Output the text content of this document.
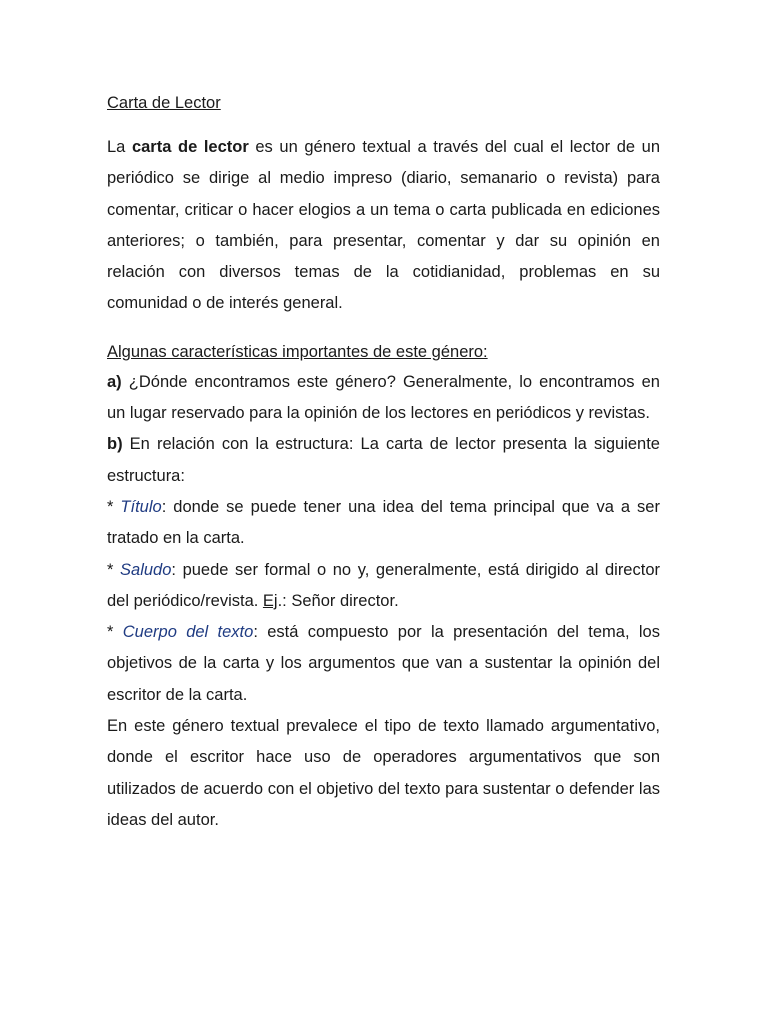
Carta de Lector

La carta de lector es un género textual a través del cual el lector de un periódico se dirige al medio impreso (diario, semanario o revista) para comentar, criticar o hacer elogios a un tema o carta publicada en ediciones anteriores; o también, para presentar, comentar y dar su opinión en relación con diversos temas de la cotidianidad, problemas en su comunidad o de interés general.

Algunas características importantes de este género:

a) ¿Dónde encontramos este género? Generalmente, lo encontramos en un lugar reservado para la opinión de los lectores en periódicos y revistas.

b) En relación con la estructura: La carta de lector presenta la siguiente estructura:

* Título: donde se puede tener una idea del tema principal que va a ser tratado en la carta.

* Saludo: puede ser formal o no y, generalmente, está dirigido al director del periódico/revista. Ej.: Señor director.

* Cuerpo del texto: está compuesto por la presentación del tema, los objetivos de la carta y los argumentos que van a sustentar la opinión del escritor de la carta.

En este género textual prevalece el tipo de texto llamado argumentativo, donde el escritor hace uso de operadores argumentativos que son utilizados de acuerdo con el objetivo del texto para sustentar o defender las ideas del autor.
